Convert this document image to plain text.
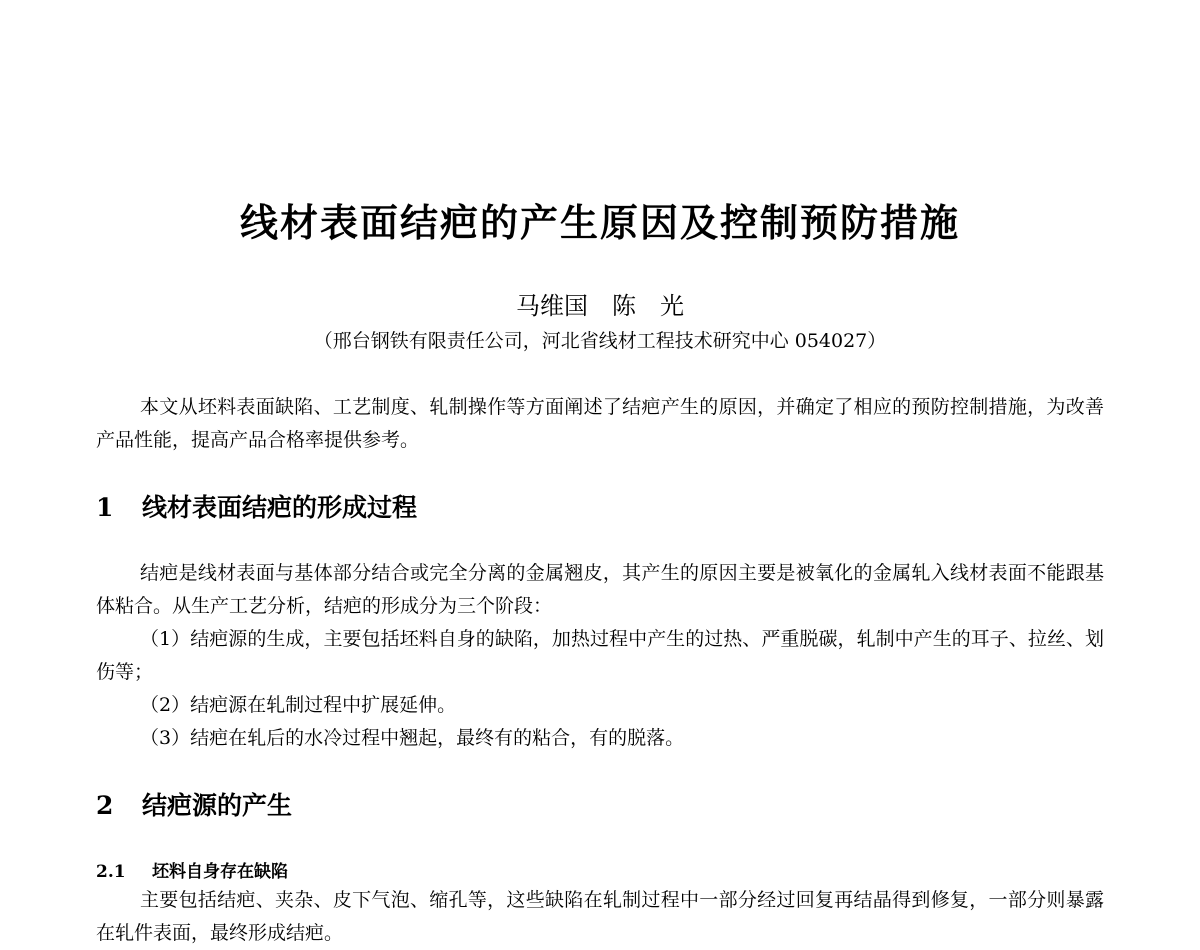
线材表面结疤的产生原因及控制预防措施
马维国　陈　光
（邢台钢铁有限责任公司，河北省线材工程技术研究中心 054027）
本文从坯料表面缺陷、工艺制度、轧制操作等方面阐述了结疤产生的原因，并确定了相应的预防控制措施，为改善产品性能，提高产品合格率提供参考。
1 线材表面结疤的形成过程
结疤是线材表面与基体部分结合或完全分离的金属翘皮，其产生的原因主要是被氧化的金属轧入线材表面不能跟基体粘合。从生产工艺分析，结疤的形成分为三个阶段：
（1）结疤源的生成，主要包括坯料自身的缺陷，加热过程中产生的过热、严重脱碳，轧制中产生的耳子、拉丝、划伤等；
（2）结疤源在轧制过程中扩展延伸。
（3）结疤在轧后的水冷过程中翘起，最终有的粘合，有的脱落。
2 结疤源的产生
2.1 坯料自身存在缺陷
主要包括结疤、夹杂、皮下气泡、缩孔等，这些缺陷在轧制过程中一部分经过回复再结晶得到修复，一部分则暴露在轧件表面，最终形成结疤。
